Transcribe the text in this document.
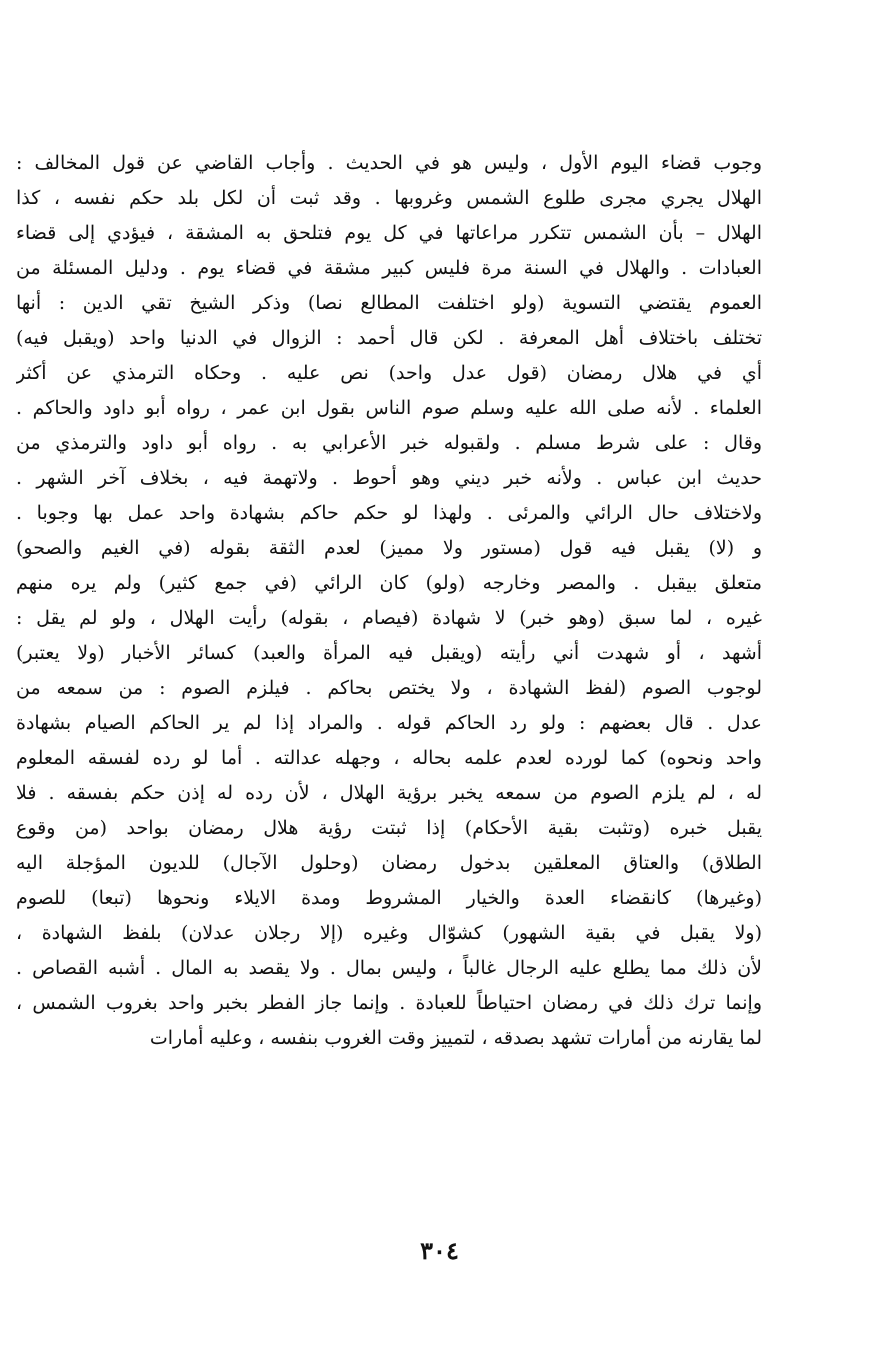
وجوب قضاء اليوم الأول ، وليس هو في الحديث . وأجاب القاضي عن قول المخالف :
الهلال يجري مجرى طلوع الشمس وغروبها . وقد ثبت أن لكل بلد حكم نفسه ، كذا
الهلال – بأن الشمس تتكرر مراعاتها في كل يوم فتلحق به المشقة ، فيؤدي إلى قضاء
العبادات . والهلال في السنة مرة فليس كبير مشقة في قضاء يوم . ودليل المسئلة من
العموم يقتضي التسوية (ولو اختلفت المطالع نصا) وذكر الشيخ تقي الدين : أنها
تختلف باختلاف أهل المعرفة . لكن قال أحمد : الزوال في الدنيا واحد (ويقبل فيه)
أي في هلال رمضان (قول عدل واحد) نص عليه . وحكاه الترمذي عن أكثر
العلماء . لأنه صلى الله عليه وسلم صوم الناس بقول ابن عمر ، رواه أبو داود والحاكم .
وقال : على شرط مسلم . ولقبوله خبر الأعرابي به . رواه أبو داود والترمذي من
حديث ابن عباس . ولأنه خبر ديني وهو أحوط . ولاتهمة فيه ، بخلاف آخر الشهر .
ولاختلاف حال الرائي والمرئى . ولهذا لو حكم حاكم بشهادة واحد عمل بها وجوبا .
و (لا) يقبل فيه قول (مستور ولا مميز) لعدم الثقة بقوله (في الغيم والصحو)
متعلق بيقبل . والمصر وخارجه (ولو) كان الرائي (في جمع كثير) ولم يره منهم
غيره ، لما سبق (وهو خبر) لا شهادة (فيصام ، بقوله) رأيت الهلال ، ولو لم يقل :
أشهد ، أو شهدت أني رأيته (ويقبل فيه المرأة والعبد) كسائر الأخبار (ولا يعتبر)
لوجوب الصوم (لفظ الشهادة ، ولا يختص بحاكم . فيلزم الصوم : من سمعه من
عدل . قال بعضهم : ولو رد الحاكم قوله . والمراد إذا لم ير الحاكم الصيام بشهادة
واحد ونحوه) كما لورده لعدم علمه بحاله ، وجهله عدالته . أما لو رده لفسقه المعلوم
له ، لم يلزم الصوم من سمعه يخبر برؤية الهلال ، لأن رده له إذن حكم بفسقه . فلا
يقبل خبره (وتثبت بقية الأحكام) إذا ثبتت رؤية هلال رمضان بواحد (من وقوع
الطلاق) والعتاق المعلقين بدخول رمضان (وحلول الآجال) للديون المؤجلة اليه
(وغيرها) كانقضاء العدة والخيار المشروط ومدة الايلاء ونحوها (تبعا) للصوم
(ولا يقبل في بقية الشهور) كشوّال وغيره (إلا رجلان عدلان) بلفظ الشهادة ،
لأن ذلك مما يطلع عليه الرجال غالباً ، وليس بمال . ولا يقصد به المال . أشبه القصاص .
وإنما ترك ذلك في رمضان احتياطاً للعبادة . وإنما جاز الفطر بخبر واحد بغروب الشمس ،
لما يقارنه من أمارات تشهد بصدقه ، لتمييز وقت الغروب بنفسه ، وعليه أمارات
٣٠٤
